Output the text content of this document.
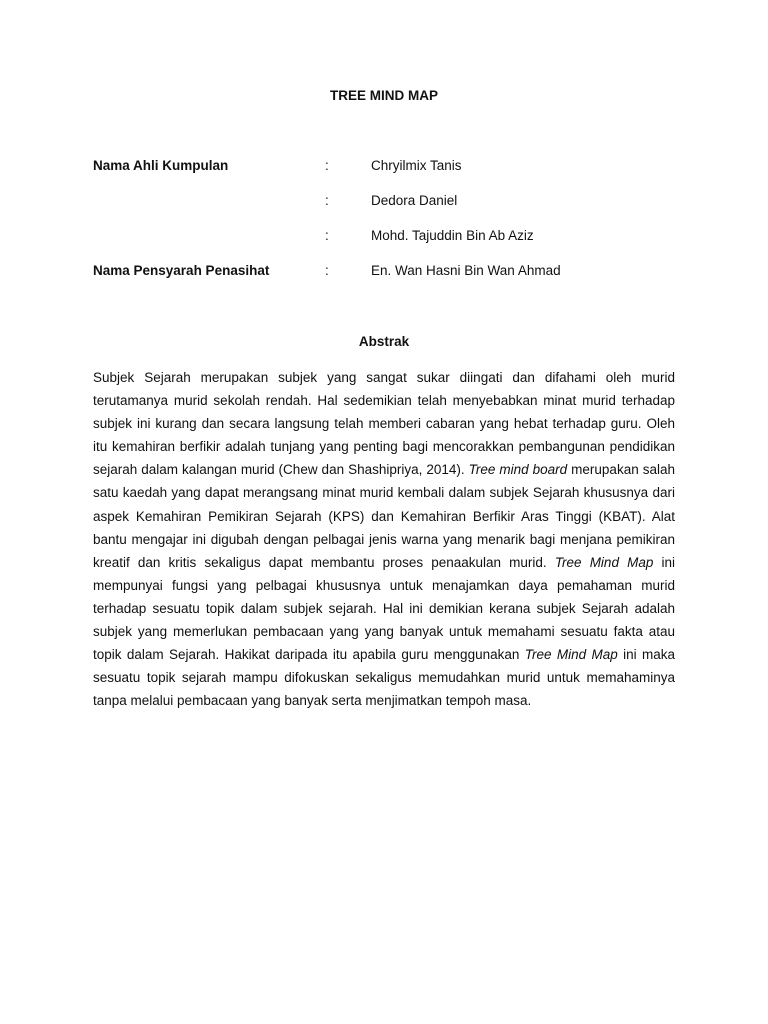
TREE MIND MAP
Nama Ahli Kumpulan	:	Chryilmix Tanis
:	Dedora Daniel
:	Mohd. Tajuddin Bin Ab Aziz
Nama Pensyarah Penasihat	:	En. Wan Hasni Bin Wan Ahmad
Abstrak

Subjek Sejarah merupakan subjek yang sangat sukar diingati dan difahami oleh murid terutamanya murid sekolah rendah. Hal sedemikian telah menyebabkan minat murid terhadap subjek ini kurang dan secara langsung telah memberi cabaran yang hebat terhadap guru. Oleh itu kemahiran berfikir adalah tunjang yang penting bagi mencorakkan pembangunan pendidikan sejarah dalam kalangan murid (Chew dan Shashipriya, 2014). Tree mind board merupakan salah satu kaedah yang dapat merangsang minat murid kembali dalam subjek Sejarah khususnya dari aspek Kemahiran Pemikiran Sejarah (KPS) dan Kemahiran Berfikir Aras Tinggi (KBAT). Alat bantu mengajar ini digubah dengan pelbagai jenis warna yang menarik bagi menjana pemikiran kreatif dan kritis sekaligus dapat membantu proses penaakulan murid. Tree Mind Map ini mempunyai fungsi yang pelbagai khususnya untuk menajamkan daya pemahaman murid terhadap sesuatu topik dalam subjek sejarah. Hal ini demikian kerana subjek Sejarah adalah subjek yang memerlukan pembacaan yang yang banyak untuk memahami sesuatu fakta atau topik dalam Sejarah. Hakikat daripada itu apabila guru menggunakan Tree Mind Map ini maka sesuatu topik sejarah mampu difokuskan sekaligus memudahkan murid untuk memahaminya tanpa melalui pembacaan yang banyak serta menjimatkan tempoh masa.
